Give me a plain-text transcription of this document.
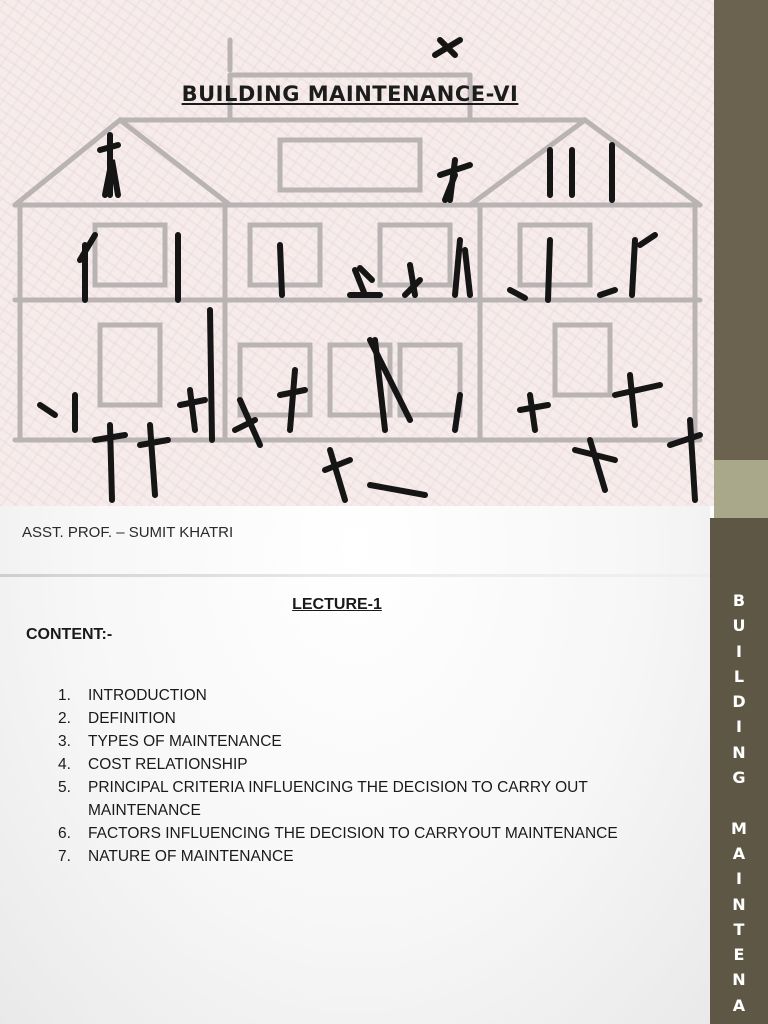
BUILDING MAINTENANCE-VI
B
U
I
L
D
I
N
G

M
A
I
N
T
E
N
A
ASST. PROF. – SUMIT KHATRI
LECTURE-1
CONTENT:-
1.	INTRODUCTION
2.	DEFINITION
3.	TYPES OF MAINTENANCE
4.	COST RELATIONSHIP
5.	PRINCIPAL CRITERIA INFLUENCING THE DECISION TO CARRY OUT MAINTENANCE
6.	FACTORS INFLUENCING THE DECISION TO CARRYOUT MAINTENANCE
7.	NATURE OF MAINTENANCE
